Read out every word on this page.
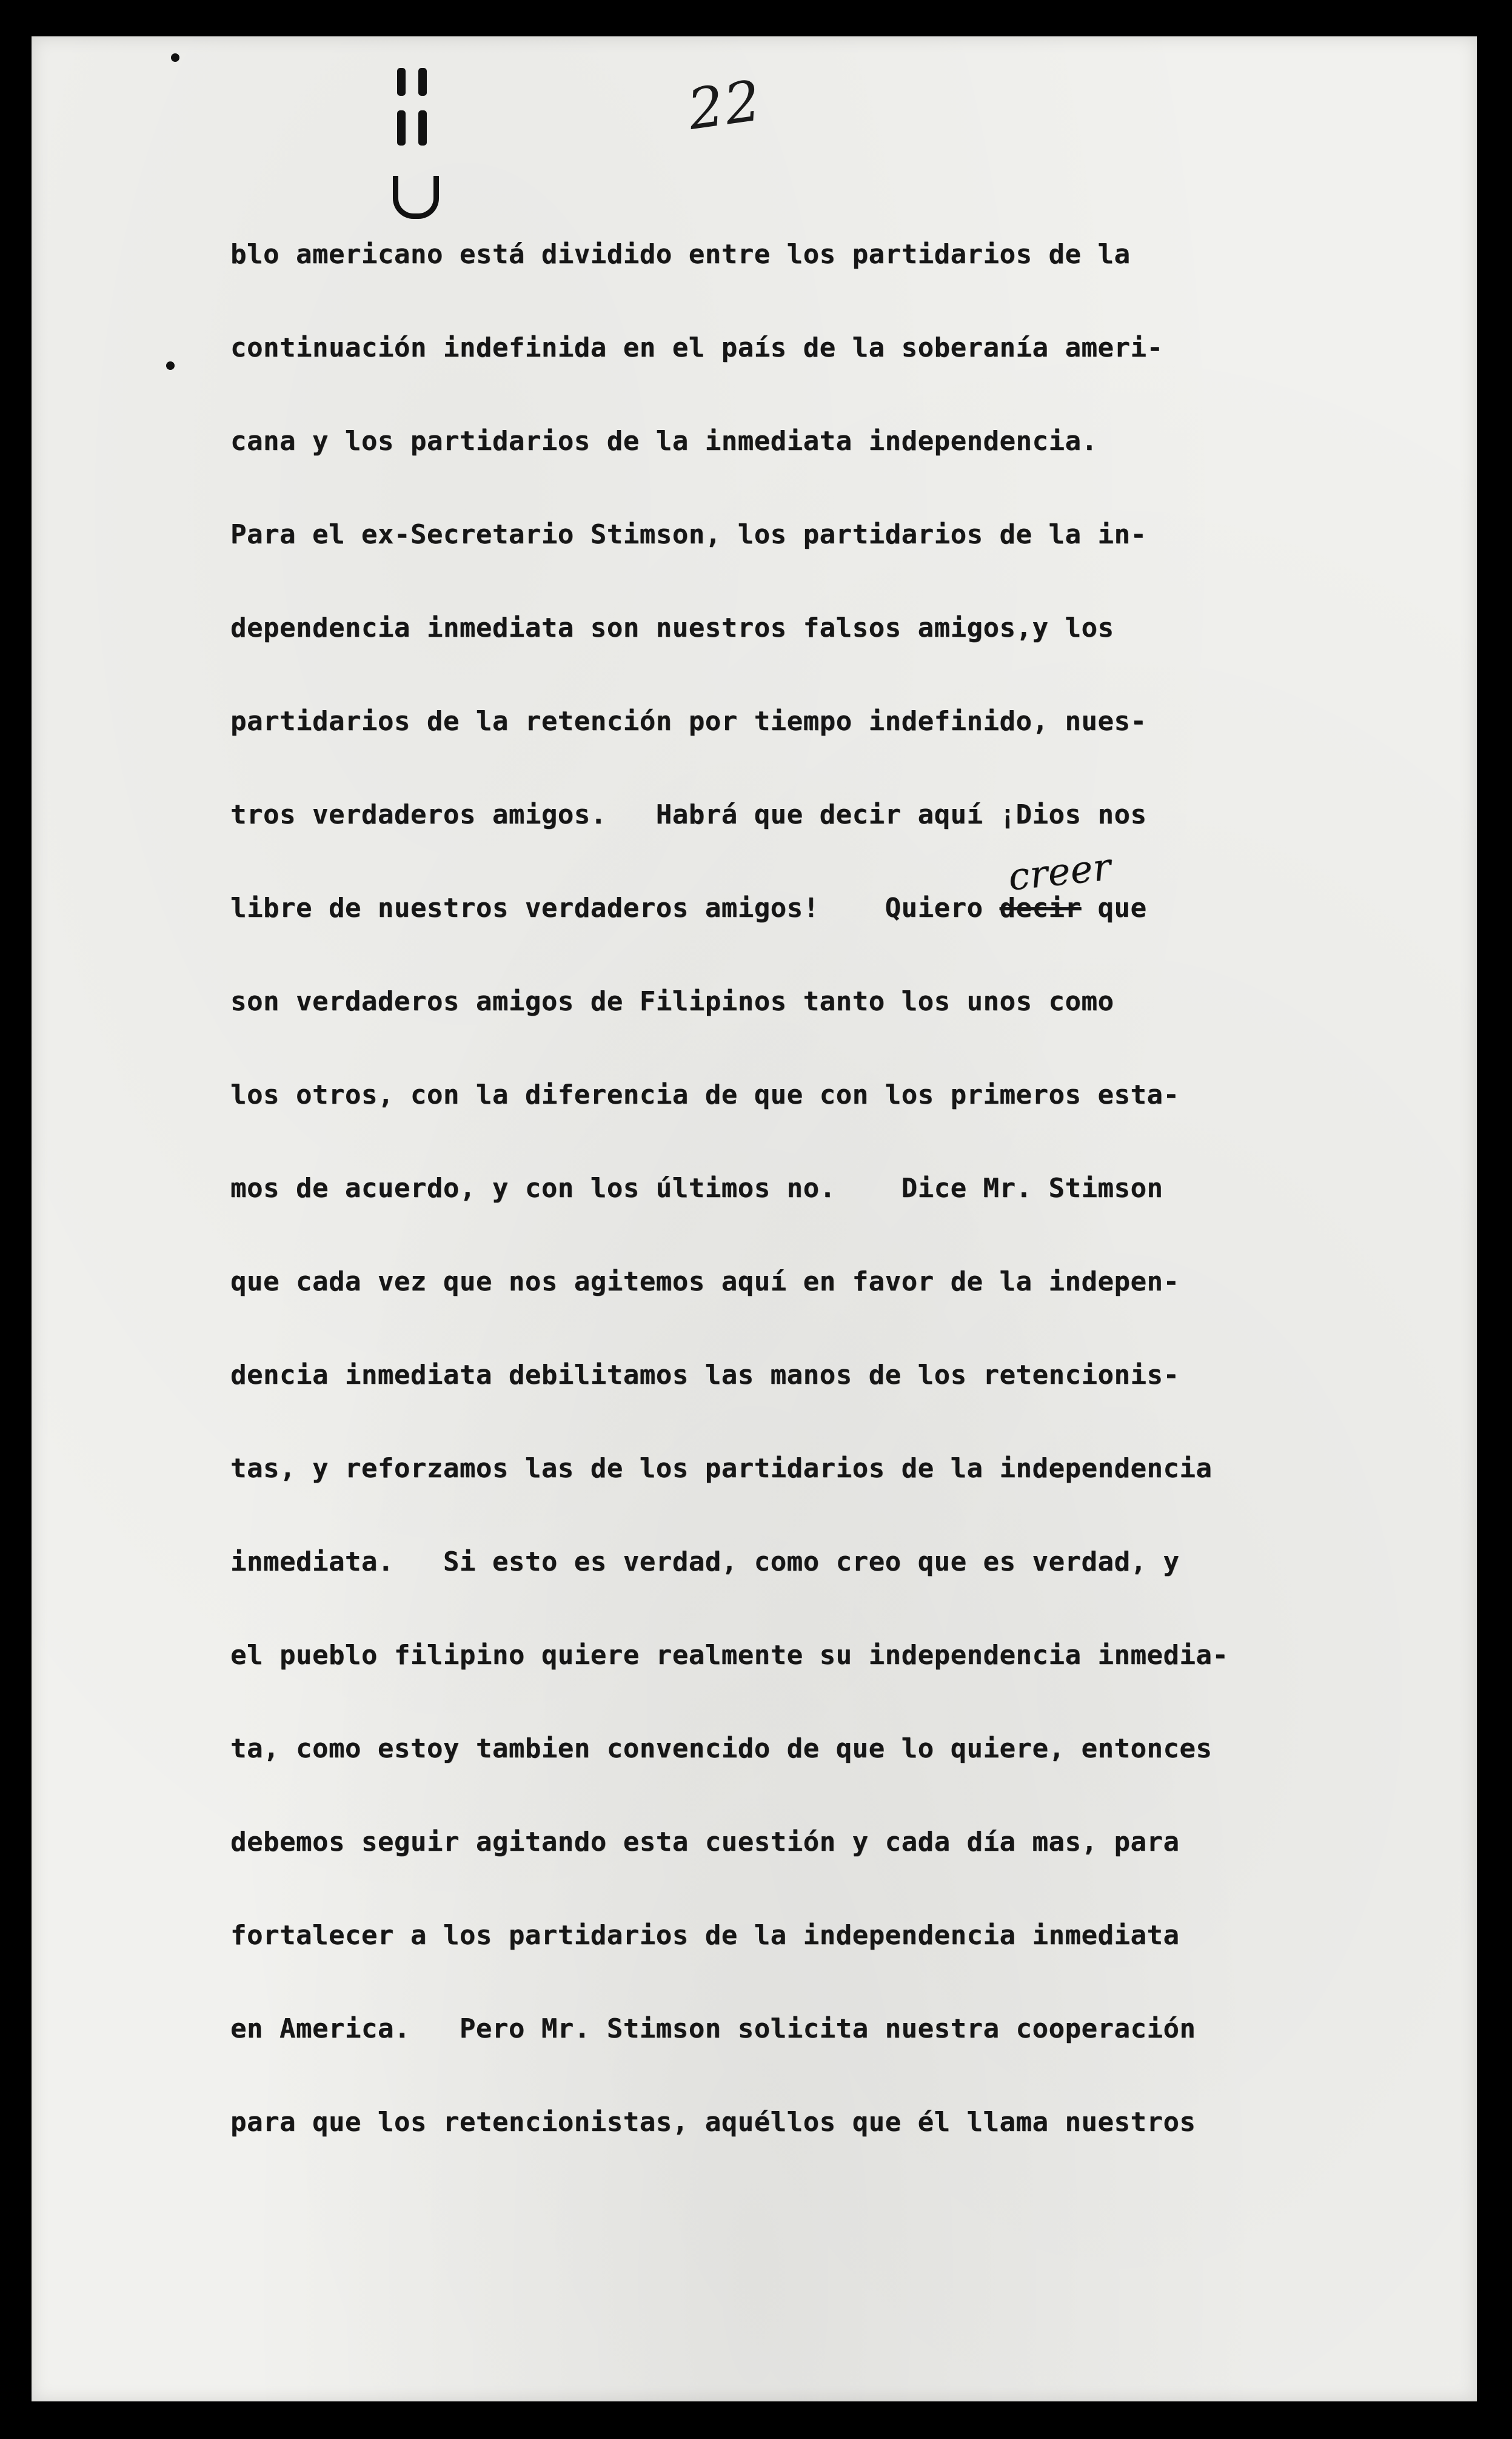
22
blo americano está dividido entre los partidarios de la
continuación indefinida en el país de la soberanía ameri-
cana y los partidarios de la inmediata independencia.
Para el ex-Secretario Stimson, los partidarios de la in-
dependencia inmediata son nuestros falsos amigos,y los
partidarios de la retención por tiempo indefinido, nues-
tros verdaderos amigos.   Habrá que decir aquí ¡Dios nos
libre de nuestros verdaderos amigos!    Quiero
creer
decir que
son verdaderos amigos de Filipinos tanto los unos como
los otros, con la diferencia de que con los primeros esta-
mos de acuerdo, y con los últimos no.    Dice Mr. Stimson
que cada vez que nos agitemos aquí en favor de la indepen-
dencia inmediata debilitamos las manos de los retencionis-
tas, y reforzamos las de los partidarios de la independencia
inmediata.   Si esto es verdad, como creo que es verdad, y
el pueblo filipino quiere realmente su independencia inmedia-
ta, como estoy tambien convencido de que lo quiere, entonces
debemos seguir agitando esta cuestión y cada día mas, para
fortalecer a los partidarios de la independencia inmediata
en America.   Pero Mr. Stimson solicita nuestra cooperación
para que los retencionistas, aquéllos que él llama nuestros
